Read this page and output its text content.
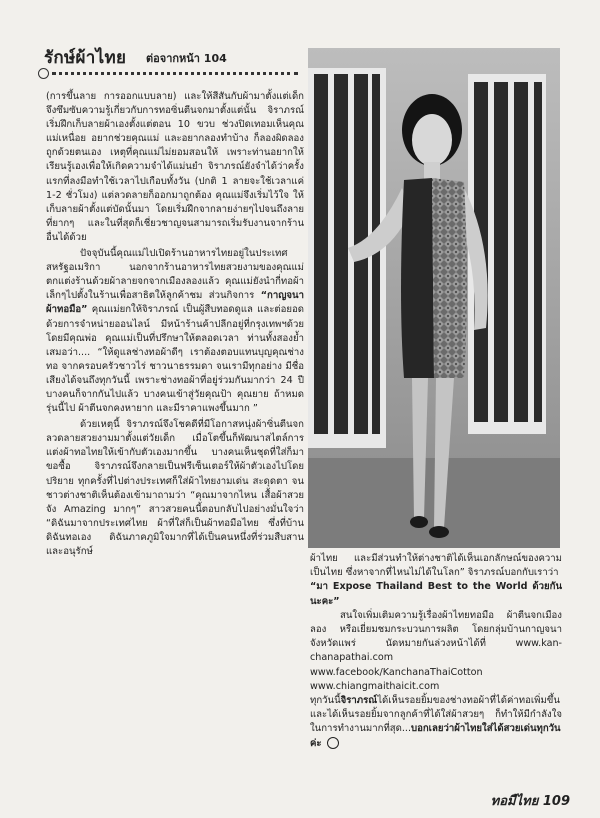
รักษ์ผ้าไทย ต่อจากหน้า 104

(การขึ้นลาย การออกแบบลาย) และให้สีสันกับผ้ามาตั้งแต่เด็ก จึงซึมซับความรู้เกี่ยวกับการทอซิ่นตีนจกมาตั้งแต่นั้น จิราภรณ์เริ่มฝึกเก็บลายผ้าเองตั้งแต่ตอน 10 ขวบ ช่วงปิดเทอมเห็นคุณแม่เหนื่อย อยากช่วยคุณแม่ และอยากลองทำบ้าง ก็ลองผิดลองถูกด้วยตนเอง เหตุที่คุณแม่ไม่ยอมสอนให้ เพราะท่านอยากให้เรียนรู้เองเพื่อให้เกิดความจำได้แม่นยำ จิราภรณ์ยังจำได้ว่าครั้งแรกที่ลงมือทำใช้เวลาไปเกือบทั้งวัน (ปกติ 1 ลายจะใช้เวลาแค่ 1-2 ชั่วโมง) แต่ลวดลายก็ออกมาถูกต้อง คุณแม่จึงเริ่มไว้ใจ ให้เก็บลายผ้าตั้งแต่บัดนั้นมา โดยเริ่มฝึกจากลายง่ายๆไปจนถึงลายที่ยากๆ และในที่สุดก็เชี่ยวชาญจนสามารถเริ่มรับงานจากร้านอื่นได้ด้วย

ปัจจุบันนี้คุณแม่ไปเปิดร้านอาหารไทยอยู่ในประเทศสหรัฐอเมริกา นอกจากร้านอาหารไทยสวยงามของคุณแม่ตกแต่งร้านด้วยผ้าลายจกจากเมืองลองแล้ว คุณแม่ยังนำกี่ทอผ้าเล็กๆไปตั้งในร้านเพื่อสาธิตให้ลูกค้าชม ส่วนกิจการ “กาญจนา ผ้าทอมือ” คุณแม่ยกให้จิราภรณ์ เป็นผู้สืบทอดดูแล และต่อยอดด้วยการจำหน่ายออนไลน์ มีหน้าร้านค้าปลีกอยู่ที่กรุงเทพฯด้วย โดยมีคุณพ่อ คุณแม่เป็นที่ปรึกษาให้ตลอดเวลา ท่านทั้งสองย้ำเสมอว่า.... “ให้ดูแลช่างทอผ้าดีๆ เราต้องตอบแทนบุญคุณช่างทอ จากครอบครัวชาวไร่ ชาวนาธรรมดา จนเรามีทุกอย่าง มีชื่อเสียงได้จนถึงทุกวันนี้ เพราะช่างทอผ้าที่อยู่ร่วมกันมากว่า 24 ปี บางคนก็จากกันไปแล้ว บางคนเข้าสู่วัยคุณป้า คุณยาย ถ้าหมดรุ่นนี้ไป ผ้าตีนจกคงหายาก และมีราคาแพงขึ้นมาก ”

ด้วยเหตุนี้ จิราภรณ์จึงโชคดีที่มีโอกาสหนุ่งผ้าซิ่นตีนจกลวดลายสวยงามมาตั้งแต่วัยเด็ก เมื่อโตขึ้นก็พัฒนาสไตล์การแต่งผ้าทอไทยให้เข้ากับตัวเองมากขึ้น บางคนเห็นชุดที่ใส่ก็มาขอซื้อ จิราภรณ์จึงกลายเป็นฟรีเซ็นเตอร์ให้ผ้าตัวเองไปโดยปริยาย ทุกครั้งที่ไปต่างประเทศก็ใส่ผ้าไทยงามเด่น สะดุดตา จนชาวต่างชาติเห็นต้องเข้ามาถามว่า “คุณมาจากไหน เสื้อผ้าสวยจัง Amazing มากๆ” สาวสวยคนนี้ตอบกลับไปอย่างมั่นใจว่า “ดิฉันมาจากประเทศไทย ผ้าที่ใส่ก็เป็นผ้าทอมือไทย ซึ่งที่บ้านดิฉันทอเอง ดิฉันภาคภูมิใจมากที่ได้เป็นคนหนึ่งที่ร่วมสืบสานและอนุรักษ์

ผ้าไทย และมีส่วนทำให้ต่างชาติได้เห็นเอกลักษณ์ของความเป็นไทย ซึ่งหาจากที่ไหนไม่ได้ในโลก” จิราภรณ์บอกกับเราว่า

“มา Expose Thailand Best to the World ด้วยกันนะคะ”

สนใจเพิ่มเติมความรู้เรื่องผ้าไทยทอมือ ผ้าตีนจกเมืองลอง หรือเยี่ยมชมกระบวนการผลิต โดยกลุ่มบ้านกาญจนา จังหวัดแพร่ นัดหมายกันล่วงหน้าได้ที่ www.kan-chanapathai.com www.facebook/KanchanaThaiCotton www.chiangmaithaicit.com

ทุกวันนี้จิราภรณ์ได้เห็นรอยยิ้มของช่างทอผ้าที่ได้ค่าทอเพิ่มขึ้น และได้เห็นรอยยิ้มจากลูกค้าที่ได้ใส่ผ้าสวยๆ ก็ทำให้มีกำลังใจในการทำงานมากที่สุด...บอกเลยว่าผ้าไทยใส่ได้สวยเด่นทุกวันค่ะ

ทอมืไทย 109
